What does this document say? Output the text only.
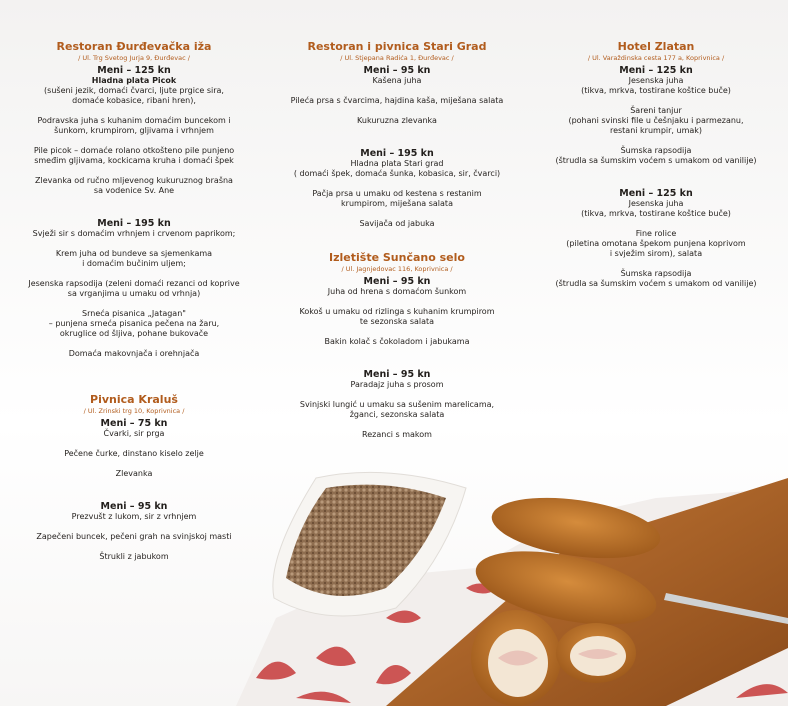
Restoran Đurđevačka iža
/ Ul. Trg Svetog Jurja 9, Đurđevac /
Meni – 125 kn
Hladna plata Picok
(sušeni jezik, domaći čvarci, ljute prgice sira,
domaće kobasice, ribani hren),
Podravska juha s kuhanim domaćim buncekom i
šunkom, krumpirom, gljivama i vrhnjem
Pile picok – domaće rolano otkošteno pile punjeno
smeđim gljivama, kockicama kruha i domaći špek
Zlevanka od ručno mljevenog kukuruznog brašna
sa vodenice Sv. Ane
Meni – 195 kn
Svježi sir s domaćim vrhnjem i crvenom paprikom;
Krem juha od bundeve sa sjemenkama
i domaćim bučinim uljem;
Jesenska rapsodija (zeleni domaći rezanci od koprive
sa vrganjima u umaku od vrhnja)
Srneća pisanica „Jatagan"
– punjena srneća pisanica pečena na žaru,
okruglice od šljiva, pohane bukovače
Domaća makovnjača i orehnjača
Pivnica Kraluš
/ Ul. Zrinski trg 10, Koprivnica /
Meni – 75 kn
Čvarki, sir prga
Pečene čurke, dinstano kiselo zelje
Zlevanka
Meni – 95 kn
Prezvušt z lukom, sir z vrhnjem
Zapečeni buncek, pečeni grah na svinjskoj masti
Štrukli z jabukom
Restoran i pivnica Stari Grad
/ Ul. Stjepana Radića 1, Đurđevac /
Meni – 95 kn
Kašena juha
Pileća prsa s čvarcima, hajdina kaša, miješana salata
Kukuruzna zlevanka
Meni – 195 kn
Hladna plata Stari grad
( domaći špek, domaća šunka, kobasica, sir, čvarci)
Pačja prsa u umaku od kestena s restanim
krumpirom, miješana salata
Savijača od jabuka
Izletište Sunčano selo
/ Ul. Jagnjedovac 116, Koprivnica /
Meni – 95 kn
Juha od hrena s domaćom šunkom
Kokoš u umaku od rizlinga s kuhanim krumpirom
te sezonska salata
Bakin kolač s čokoladom i jabukama
Meni – 95 kn
Paradajz juha s prosom
Svinjski lungić u umaku sa sušenim marelicama,
žganci, sezonska salata
Rezanci s makom
Hotel Zlatan
/ Ul. Varaždinska cesta 177 a, Koprivnica /
Meni – 125 kn
Jesenska juha
(tikva, mrkva, tostirane koštice buče)
Šareni tanjur
(pohani svinski file u češnjaku i parmezanu,
restani krumpir, umak)
Šumska rapsodija
(štrudla sa šumskim voćem s umakom od vanilije)
Meni – 125 kn
Jesenska juha
(tikva, mrkva, tostirane koštice buče)
Fine rolice
(piletina omotana špekom punjena koprivom
i svježim sirom), salata
Šumska rapsodija
(štrudla sa šumskim voćem s umakom od vanilije)
